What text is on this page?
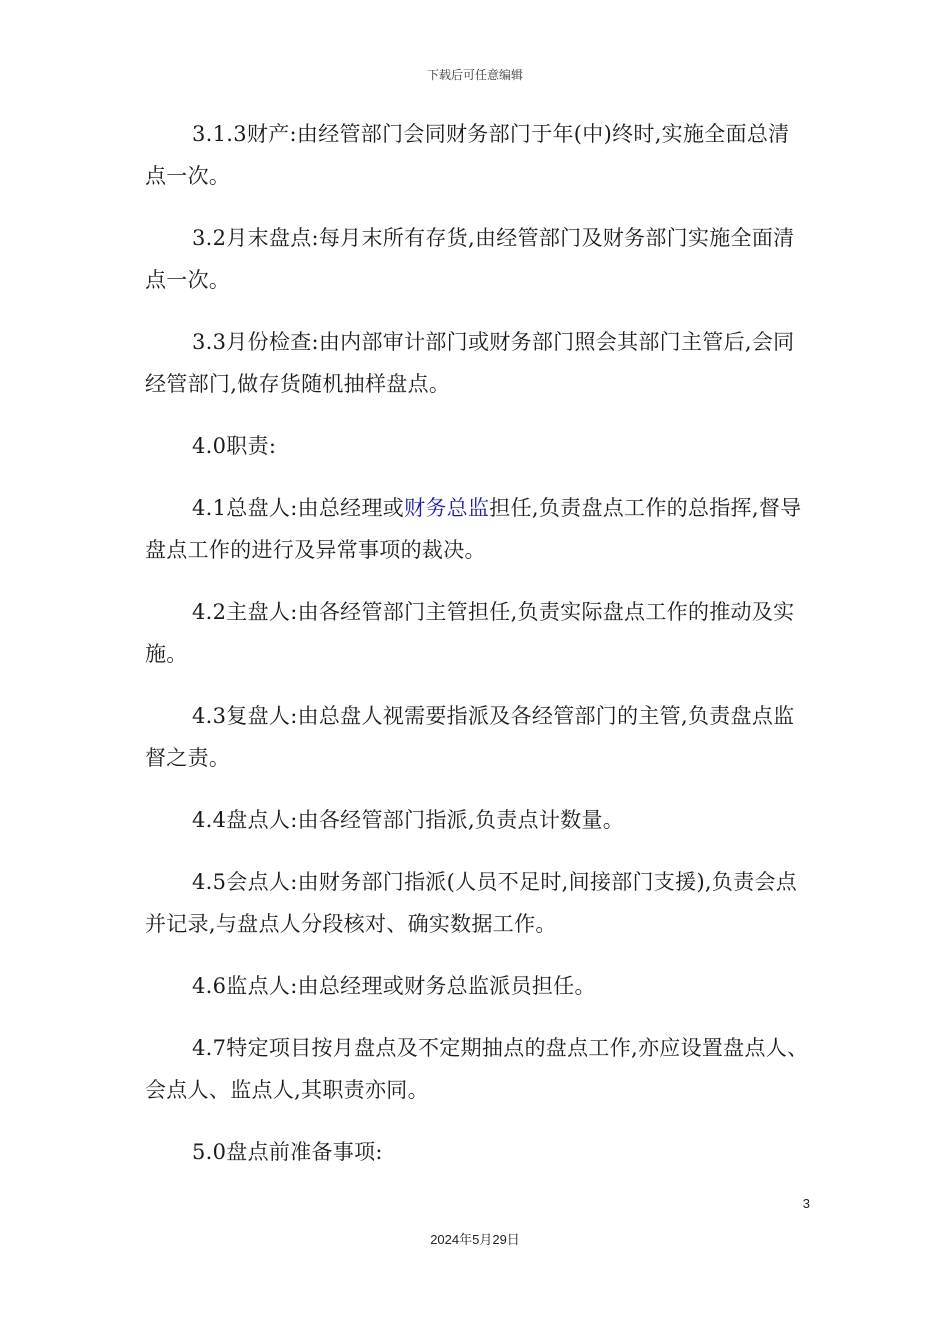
下载后可任意编辑

3.1.3财产:由经管部门会同财务部门于年(中)终时,实施全面总清点一次。

3.2月末盘点:每月末所有存货,由经管部门及财务部门实施全面清点一次。

3.3月份检查:由内部审计部门或财务部门照会其部门主管后,会同经管部门,做存货随机抽样盘点。

4.0职责:

4.1总盘人:由总经理或财务总监担任,负责盘点工作的总指挥,督导盘点工作的进行及异常事项的裁决。

4.2主盘人:由各经管部门主管担任,负责实际盘点工作的推动及实施。

4.3复盘人:由总盘人视需要指派及各经管部门的主管,负责盘点监督之责。

4.4盘点人:由各经管部门指派,负责点计数量。

4.5会点人:由财务部门指派(人员不足时,间接部门支援),负责会点并记录,与盘点人分段核对、确实数据工作。

4.6监点人:由总经理或财务总监派员担任。

4.7特定项目按月盘点及不定期抽点的盘点工作,亦应设置盘点人、会点人、监点人,其职责亦同。

5.0盘点前准备事项:

3
2024年5月29日
